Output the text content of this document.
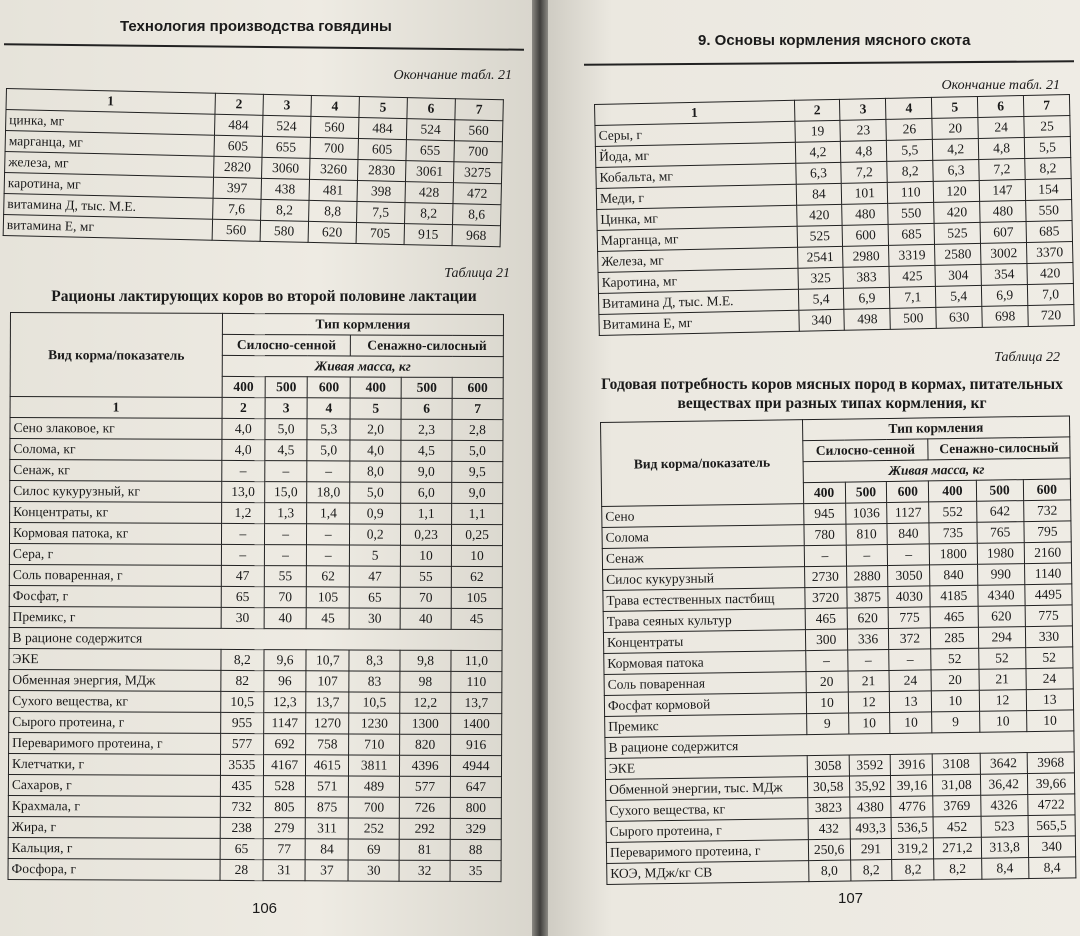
Технология производства говядины
Окончание табл. 21
1	2	3	4	5	6	7
цинка, мг	484	524	560	484	524	560
марганца, мг	605	655	700	605	655	700
железа, мг	2820	3060	3260	2830	3061	3275
каротина, мг	397	438	481	398	428	472
витамина Д, тыс. М.Е.	7,6	8,2	8,8	7,5	8,2	8,6
витамина Е, мг	560	580	620	705	915	968
Таблица 21
Рационы лактирующих коров во второй половине лактации
Вид корма/показатель	Тип кормления					
	Силосно-сенной			Сенажно-силосный		
	Живая масса, кг					
	400	500	600	400	500	600
1	2	3	4	5	6	7
Сено злаковое, кг	4,0	5,0	5,3	2,0	2,3	2,8
Солома, кг	4,0	4,5	5,0	4,0	4,5	5,0
Сенаж, кг	–	–	–	8,0	9,0	9,5
Силос кукурузный, кг	13,0	15,0	18,0	5,0	6,0	9,0
Концентраты, кг	1,2	1,3	1,4	0,9	1,1	1,1
Кормовая патока, кг	–	–	–	0,2	0,23	0,25
Сера, г	–	–	–	5	10	10
Соль поваренная, г	47	55	62	47	55	62
Фосфат, г	65	70	105	65	70	105
Премикс, г	30	40	45	30	40	45
В рационе содержится						
ЭКЕ	8,2	9,6	10,7	8,3	9,8	11,0
Обменная энергия, МДж	82	96	107	83	98	110
Сухого вещества, кг	10,5	12,3	13,7	10,5	12,2	13,7
Сырого протеина, г	955	1147	1270	1230	1300	1400
Переваримого протеина, г	577	692	758	710	820	916
Клетчатки, г	3535	4167	4615	3811	4396	4944
Сахаров, г	435	528	571	489	577	647
Крахмала, г	732	805	875	700	726	800
Жира, г	238	279	311	252	292	329
Кальция, г	65	77	84	69	81	88
Фосфора, г	28	31	37	30	32	35
106
9. Основы кормления мясного скота
Окончание табл. 21
1	2	3	4	5	6	7
Серы, г	19	23	26	20	24	25
Йода, мг	4,2	4,8	5,5	4,2	4,8	5,5
Кобальта, мг	6,3	7,2	8,2	6,3	7,2	8,2
Меди, г	84	101	110	120	147	154
Цинка, мг	420	480	550	420	480	550
Марганца, мг	525	600	685	525	607	685
Железа, мг	2541	2980	3319	2580	3002	3370
Каротина, мг	325	383	425	304	354	420
Витамина Д, тыс. М.Е.	5,4	6,9	7,1	5,4	6,9	7,0
Витамина Е, мг	340	498	500	630	698	720
Таблица 22
Годовая потребность коров мясных пород в кормах, питательных веществах при разных типах кормления, кг
Вид корма/показатель	Тип кормления					
	Силосно-сенной			Сенажно-силосный		
	Живая масса, кг					
	400	500	600	400	500	600
Сено	945	1036	1127	552	642	732
Солома	780	810	840	735	765	795
Сенаж	–	–	–	1800	1980	2160
Силос кукурузный	2730	2880	3050	840	990	1140
Трава естественных пастбищ	3720	3875	4030	4185	4340	4495
Трава сеяных культур	465	620	775	465	620	775
Концентраты	300	336	372	285	294	330
Кормовая патока	–	–	–	52	52	52
Соль поваренная	20	21	24	20	21	24
Фосфат кормовой	10	12	13	10	12	13
Премикс	9	10	10	9	10	10
В рационе содержится						
ЭКЕ	3058	3592	3916	3108	3642	3968
Обменной энергии, тыс. МДж	30,58	35,92	39,16	31,08	36,42	39,66
Сухого вещества, кг	3823	4380	4776	3769	4326	4722
Сырого протеина, г	432	493,3	536,5	452	523	565,5
Переваримого протеина, г	250,6	291	319,2	271,2	313,8	340
КОЭ, МДж/кг СВ	8,0	8,2	8,2	8,2	8,4	8,4
107
